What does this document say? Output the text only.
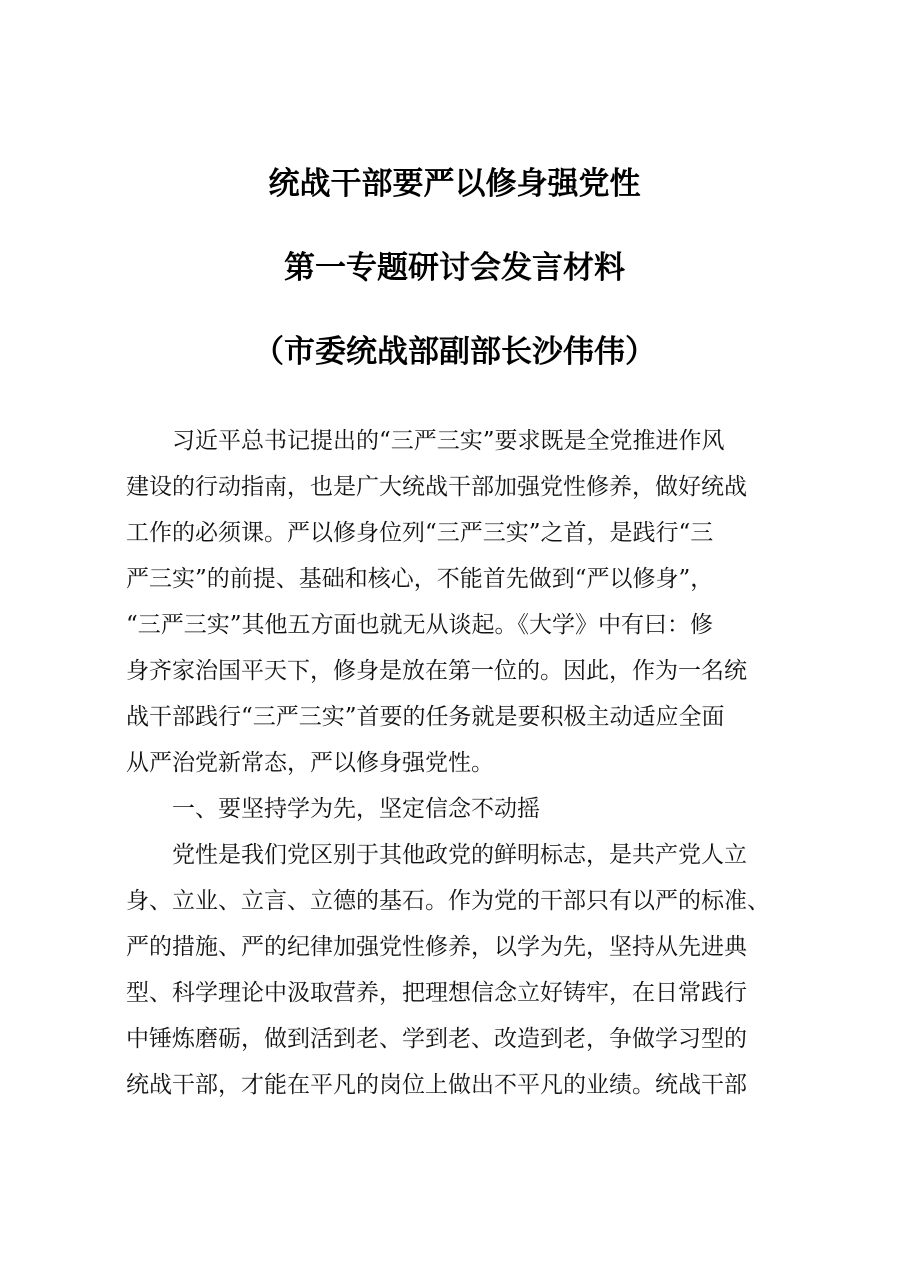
统战干部要严以修身强党性
第一专题研讨会发言材料
（市委统战部副部长沙伟伟）
习近平总书记提出的“三严三实”要求既是全党推进作风
建设的行动指南，也是广大统战干部加强党性修养，做好统战
工作的必须课。严以修身位列“三严三实”之首，是践行“三
严三实”的前提、基础和核心，不能首先做到“严以修身”，
“三严三实”其他五方面也就无从谈起。《大学》中有曰：修
身齐家治国平天下，修身是放在第一位的。因此，作为一名统
战干部践行“三严三实”首要的任务就是要积极主动适应全面
从严治党新常态，严以修身强党性。
一、要坚持学为先，坚定信念不动摇
党性是我们党区别于其他政党的鲜明标志，是共产党人立
身、立业、立言、立德的基石。作为党的干部只有以严的标准、
严的措施、严的纪律加强党性修养，以学为先，坚持从先进典
型、科学理论中汲取营养，把理想信念立好铸牢，在日常践行
中锤炼磨砺，做到活到老、学到老、改造到老，争做学习型的
统战干部，才能在平凡的岗位上做出不平凡的业绩。统战干部
